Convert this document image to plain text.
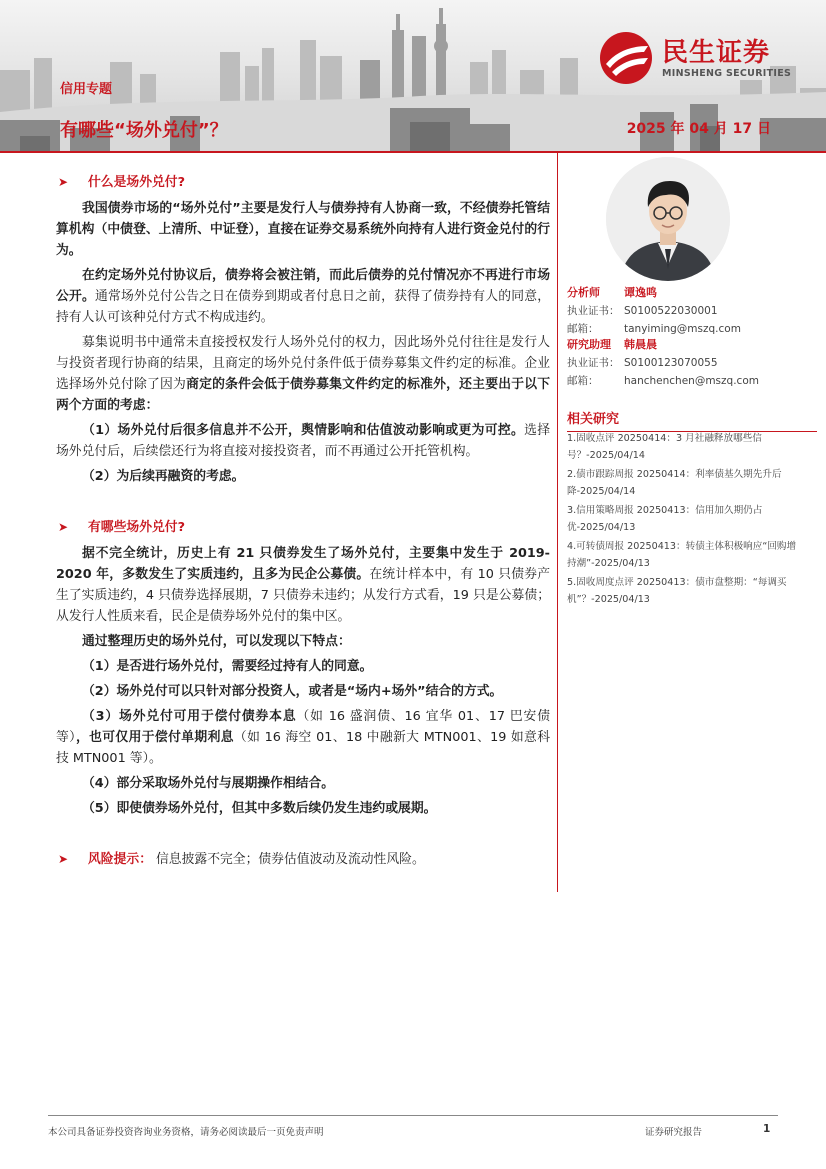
民生证券
MINSHENG SECURITIES
信用专题
有哪些“场外兑付”？	2025 年 04 月 17 日
➤ 什么是场外兑付?

我国债券市场的“场外兑付”主要是发行人与债券持有人协商一致，不经债券托管结算机构（中债登、上清所、中证登），直接在证券交易系统外向持有人进行资金兑付的行为。

在约定场外兑付协议后，债券将会被注销，而此后债券的兑付情况亦不再进行市场公开。通常场外兑付公告之日在债券到期或者付息日之前，获得了债券持有人的同意，持有人认可该种兑付方式不构成违约。

募集说明书中通常未直接授权发行人场外兑付的权力，因此场外兑付往往是发行人与投资者现行协商的结果，且商定的场外兑付条件低于债券募集文件约定的标准。企业选择场外兑付除了因为商定的条件会低于债券募集文件约定的标准外，还主要出于以下两个方面的考虑：

（1）场外兑付后很多信息并不公开，舆情影响和估值波动影响或更为可控。选择场外兑付后，后续偿还行为将直接对接投资者，而不再通过公开托管机构。

（2）为后续再融资的考虑。

➤ 有哪些场外兑付?

据不完全统计，历史上有 21 只债券发生了场外兑付，主要集中发生于 2019-2020 年，多数发生了实质违约，且多为民企公募债。在统计样本中，有 10 只债券产生了实质违约，4 只债券选择展期，7 只债券未违约；从发行方式看，19 只是公募债；从发行人性质来看，民企是债券场外兑付的集中区。

通过整理历史的场外兑付，可以发现以下特点：

（1）是否进行场外兑付，需要经过持有人的同意。

（2）场外兑付可以只针对部分投资人，或者是“场内+场外”结合的方式。

（3）场外兑付可用于偿付债券本息（如 16 盛润债、16 宜华 01、17 巴安债等），也可仅用于偿付单期利息（如 16 海空 01、18 中融新大 MTN001、19 如意科技 MTN001 等）。

（4）部分采取场外兑付与展期操作相结合。

（5）即使债券场外兑付，但其中多数后续仍发生违约或展期。

➤ 风险提示： 信息披露不完全；债券估值波动及流动性风险。
分析师 谭逸鸣
执业证书： S0100522030001
邮箱： tanyiming@mszq.com
研究助理 韩晨晨
执业证书： S0100123070055
邮箱： hanchenchen@mszq.com
相关研究
1.固收点评 20250414：3 月社融释放哪些信号？-2025/04/14
2.债市跟踪周报 20250414：利率债基久期先升后降-2025/04/14
3.信用策略周报 20250413：信用加久期仍占优-2025/04/13
4.可转债周报 20250413：转债主体积极响应“回购增持潮”-2025/04/13
5.固收周度点评 20250413：债市盘整期：“每调买机”？-2025/04/13
本公司具备证券投资咨询业务资格，请务必阅读最后一页免责声明	证券研究报告	1
